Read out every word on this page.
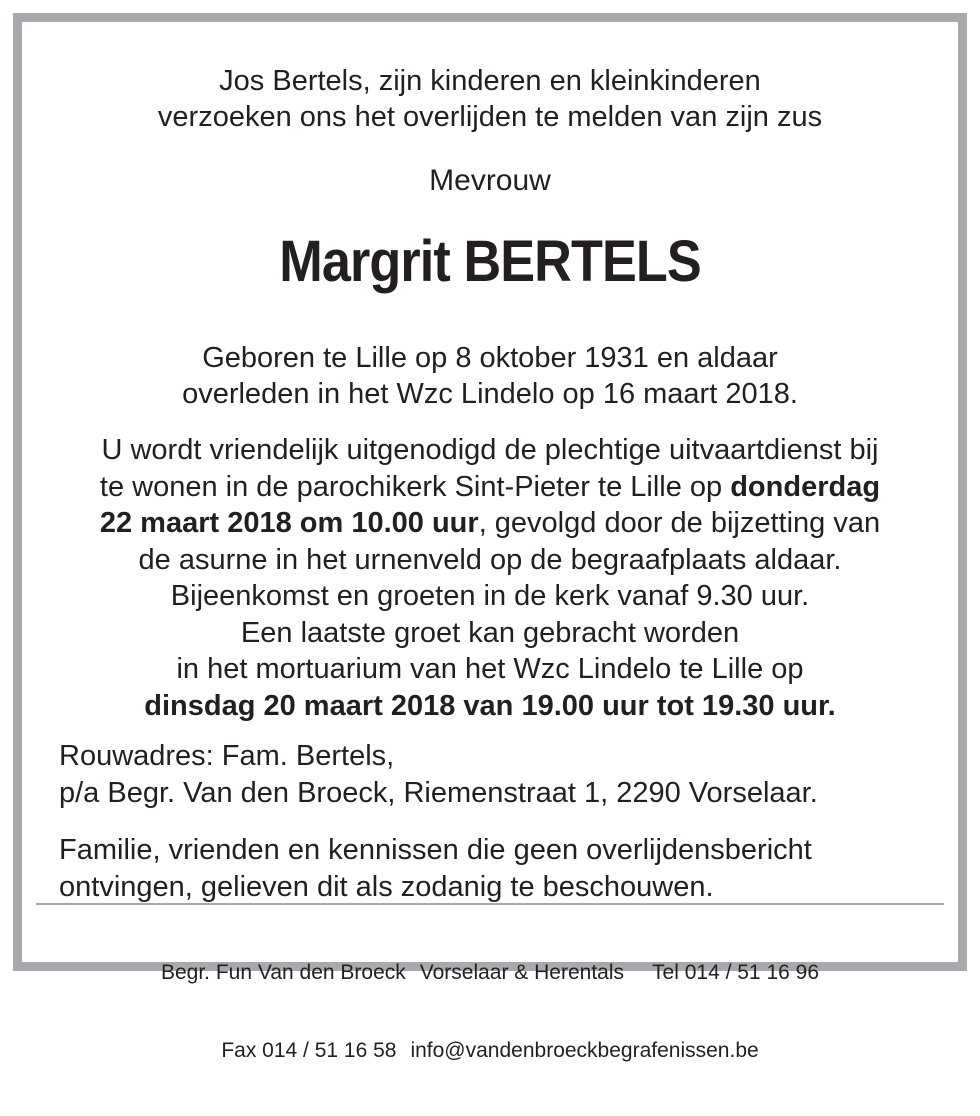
Jos Bertels, zijn kinderen en kleinkinderen
verzoeken ons het overlijden te melden van zijn zus
Mevrouw
Margrit BERTELS
Geboren te Lille op 8 oktober 1931 en aldaar
overleden in het Wzc Lindelo op 16 maart 2018.
U wordt vriendelijk uitgenodigd de plechtige uitvaartdienst bij
te wonen in de parochikerk Sint-Pieter te Lille op donderdag
22 maart 2018 om 10.00 uur, gevolgd door de bijzetting van
de asurne in het urnenveld op de begraafplaats aldaar.
Bijeenkomst en groeten in de kerk vanaf 9.30 uur.
Een laatste groet kan gebracht worden
in het mortuarium van het Wzc Lindelo te Lille op
dinsdag 20 maart 2018 van 19.00 uur tot 19.30 uur.
Rouwadres: Fam. Bertels,
p/a Begr. Van den Broeck, Riemenstraat 1, 2290 Vorselaar.
Familie, vrienden en kennissen die geen overlijdensbericht
ontvingen, gelieven dit als zodanig te beschouwen.

Begr. Fun Van den Broeck Vorselaar & Herentals Tel 014 / 51 16 96

Fax 014 / 51 16 58 info@vandenbroeckbegrafenissen.be
